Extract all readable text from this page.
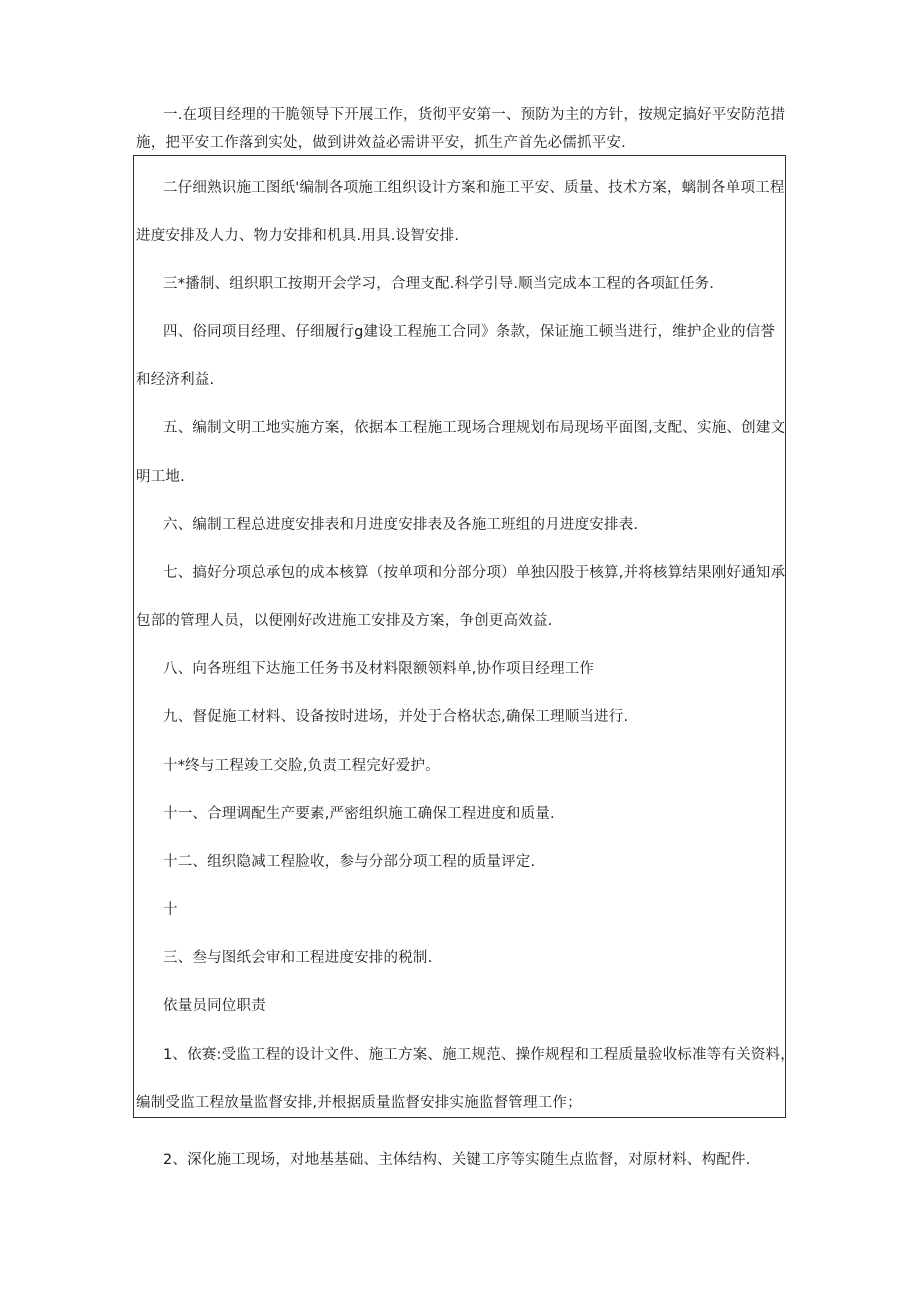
一.在项目经理的干脆领导下开展工作，货彻平安第一、预防为主的方针，按规定搞好平安防范措
施，把平安工作落到实处，做到讲效益必需讲平安，抓生产首先必儒抓平安.
二仔细熟识施工图纸'编制各项施工组织设计方案和施工平安、质量、技术方案，螭制各单项工程
进度安排及人力、物力安排和机具.用具.设智安排.
三*播制、组织职工按期开会学习，合理支配.科学引导.顺当完成本工程的各项缸任务.
四、俗同项目经理、仔细履行g建设工程施工合同》条款，保证施工顿当进行，维护企业的信誉
和经济利益.
五、编制文明工地实施方案，依据本工程施工现场合理规划布局现场平面图,支配、实施、创建文
明工地.
六、编制工程总进度安排表和月进度安排表及各施工班组的月进度安排表.
七、搞好分项总承包的成本核算（按单项和分部分项）单独囚股于核算,并将核算结果刚好通知承
包部的管理人员，以便刚好改进施工安排及方案，争创更高效益.
八、向各班组下达施工任务书及材料限额领料单,协作项目经理工作
九、督促施工材料、设备按时进场，并处于合格状态,确保工理顺当进行.
十*终与工程竣工交脸,负责工程完好爱护。
十一、合理调配生产要素,严密组织施工确保工程进度和质量.
十二、组织隐减工程脸收，参与分部分项工程的质量评定.
十
三、叁与图纸会审和工程进度安排的税制.
依量员同位职责
1、依赛:受监工程的设计文件、施工方案、施工规范、操作规程和工程质量验收标准等有关资料，
编制受监工程放量监督安排,并根据质量监督安排实施监督管理工作；
2、深化施工现场，对地基基础、主体结构、关键工序等实随生点监督，对原材料、构配件.
